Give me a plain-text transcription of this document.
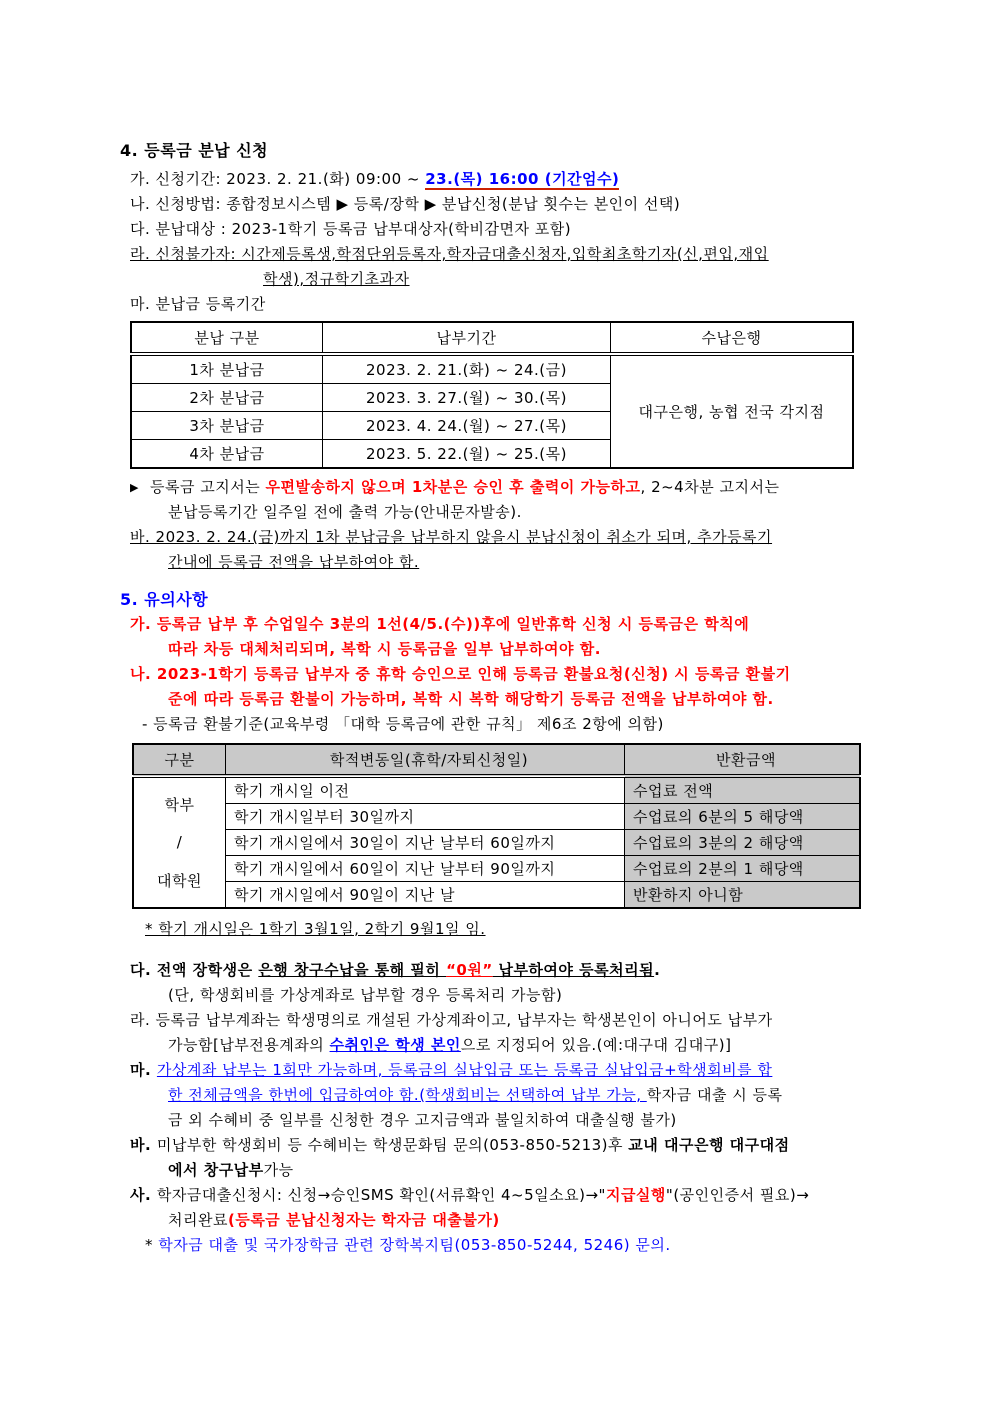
4. 등록금 분납 신청
가. 신청기간: 2023. 2. 21.(화) 09:00 ~ 23.(목) 16:00 (기간엄수)
나. 신청방법: 종합정보시스템 ▶ 등록/장학 ▶ 분납신청(분납 횟수는 본인이 선택)
다. 분납대상 : 2023-1학기 등록금 납부대상자(학비감면자 포함)
라. 신청불가자: 시간제등록생,학점단위등록자,학자금대출신청자,입학최초학기자(신,편입,재입
학생),정규학기초과자
마. 분납금 등록기간
분납 구분	납부기간	수납은행
1차 분납금	2023. 2. 21.(화) ~ 24.(금)	대구은행, 농협 전국 각지점
2차 분납금	2023. 3. 27.(월) ~ 30.(목)	
3차 분납금	2023. 4. 24.(월) ~ 27.(목)	
4차 분납금	2023. 5. 22.(월) ~ 25.(목)	
▶ 등록금 고지서는 우편발송하지 않으며 1차분은 승인 후 출력이 가능하고, 2~4차분 고지서는
분납등록기간 일주일 전에 출력 가능(안내문자발송).
바. 2023. 2. 24.(금)까지 1차 분납금을 납부하지 않을시 분납신청이 취소가 되며, 추가등록기
간내에 등록금 전액을 납부하여야 함.
5. 유의사항
가. 등록금 납부 후 수업일수 3분의 1선(4/5.(수))후에 일반휴학 신청 시 등록금은 학칙에
따라 차등 대체처리되며, 복학 시 등록금을 일부 납부하여야 함.
나. 2023-1학기 등록금 납부자 중 휴학 승인으로 인해 등록금 환불요청(신청) 시 등록금 환불기
준에 따라 등록금 환불이 가능하며, 복학 시 복학 해당학기 등록금 전액을 납부하여야 함.
- 등록금 환불기준(교육부령 「대학 등록금에 관한 규칙」 제6조 2항에 의함)
구분	학적변동일(휴학/자퇴신청일)	반환금액

학부
/
대학원	학기 개시일 이전	수업료 전액
	학기 개시일부터 30일까지	수업료의 6분의 5 해당액
	학기 개시일에서 30일이 지난 날부터 60일까지	수업료의 3분의 2 해당액
	학기 개시일에서 60일이 지난 날부터 90일까지	수업료의 2분의 1 해당액
	학기 개시일에서 90일이 지난 날	반환하지 아니함
* 학기 개시일은 1학기 3월1일, 2학기 9월1일 임.
다. 전액 장학생은 은행 창구수납을 통해 필히 “0원” 납부하여야 등록처리됨.
(단, 학생회비를 가상계좌로 납부할 경우 등록처리 가능함)
라. 등록금 납부계좌는 학생명의로 개설된 가상계좌이고, 납부자는 학생본인이 아니어도 납부가
가능함[납부전용계좌의 수취인은 학생 본인으로 지정되어 있음.(예:대구대 김대구)]
마. 가상계좌 납부는 1회만 가능하며, 등록금의 실납입금 또는 등록금 실납입금+학생회비를 합
한 전체금액을 한번에 입금하여야 함.(학생회비는 선택하여 납부 가능, 학자금 대출 시 등록
금 외 수혜비 중 일부를 신청한 경우 고지금액과 불일치하여 대출실행 불가)
바. 미납부한 학생회비 등 수혜비는 학생문화팀 문의(053-850-5213)후 교내 대구은행 대구대점
에서 창구납부가능
사. 학자금대출신청시: 신청→승인SMS 확인(서류확인 4~5일소요)→"지급실행"(공인인증서 필요)→
처리완료(등록금 분납신청자는 학자금 대출불가)
* 학자금 대출 및 국가장학금 관련 장학복지팀(053-850-5244, 5246) 문의.
